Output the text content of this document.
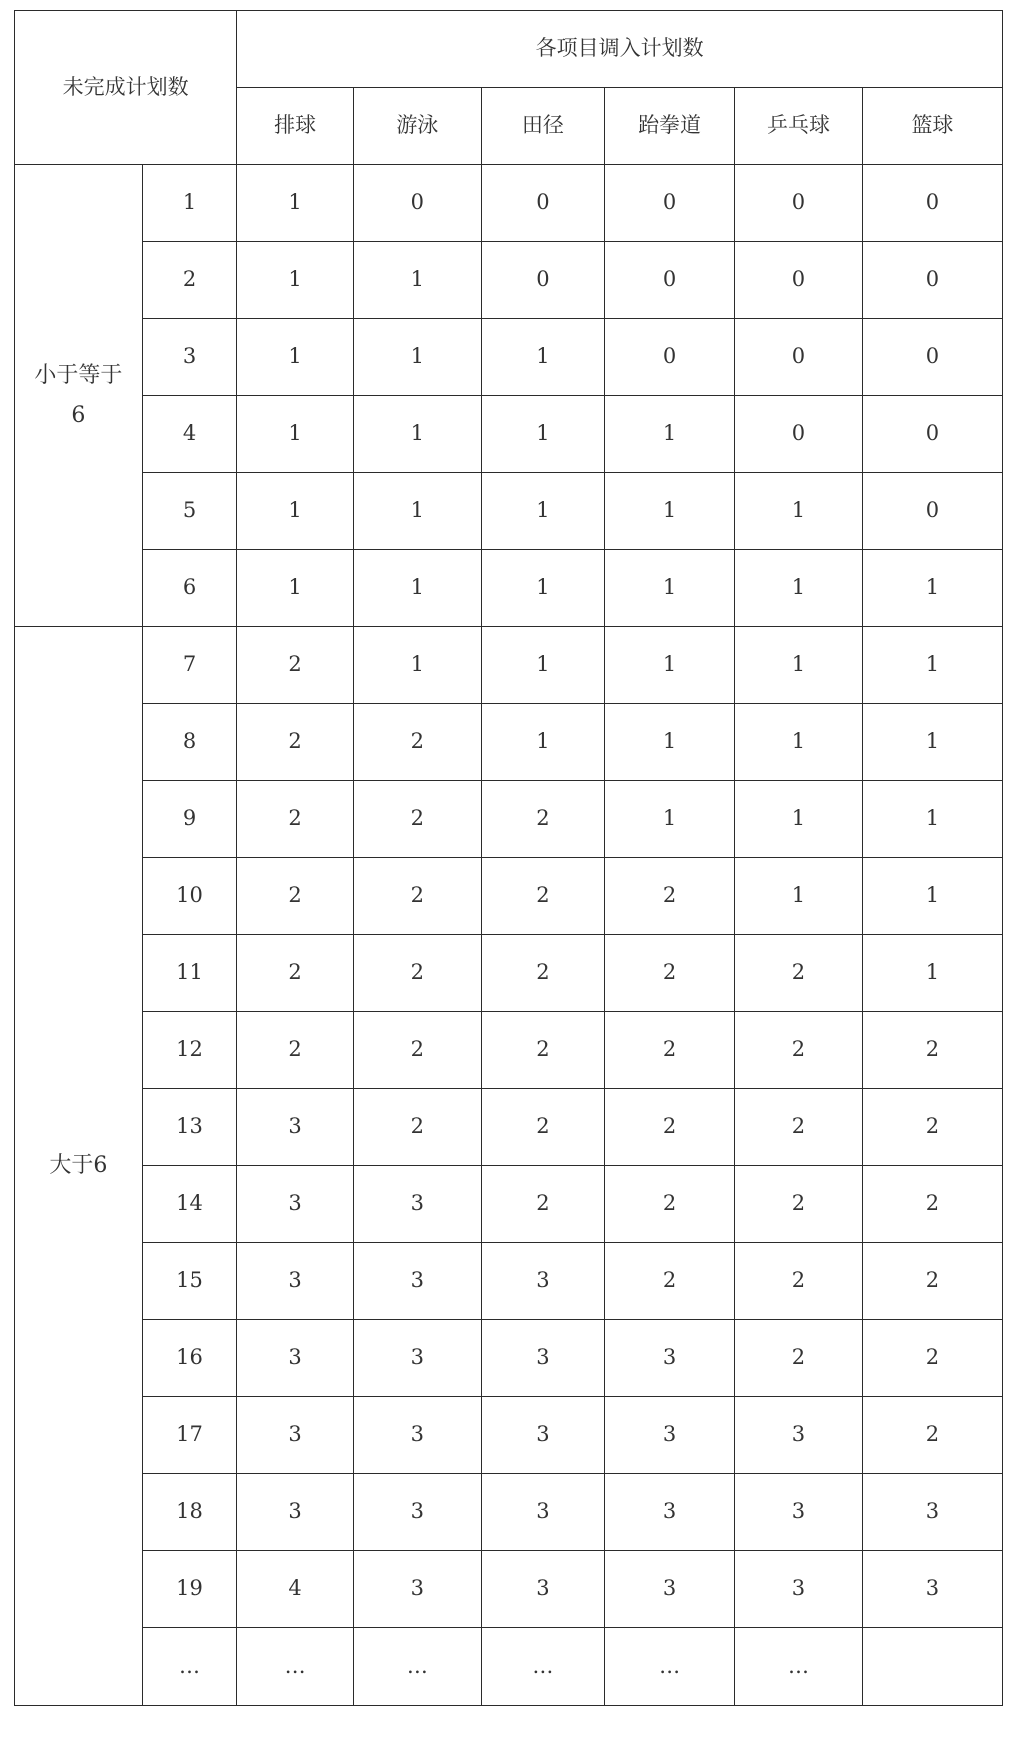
未完成计划数		各项目调入计划数					
		排球	游泳	田径	跆拳道	乒乓球	篮球
小于等于6	1	1	0	0	0	0	0
	2	1	1	0	0	0	0
	3	1	1	1	0	0	0
	4	1	1	1	1	0	0
	5	1	1	1	1	1	0
	6	1	1	1	1	1	1
大于6	7	2	1	1	1	1	1
	8	2	2	1	1	1	1
	9	2	2	2	1	1	1
	10	2	2	2	2	1	1
	11	2	2	2	2	2	1
	12	2	2	2	2	2	2
	13	3	2	2	2	2	2
	14	3	3	2	2	2	2
	15	3	3	3	2	2	2
	16	3	3	3	3	2	2
	17	3	3	3	3	3	2
	18	3	3	3	3	3	3
	19	4	3	3	3	3	3
	…	…	…	…	…	…	
